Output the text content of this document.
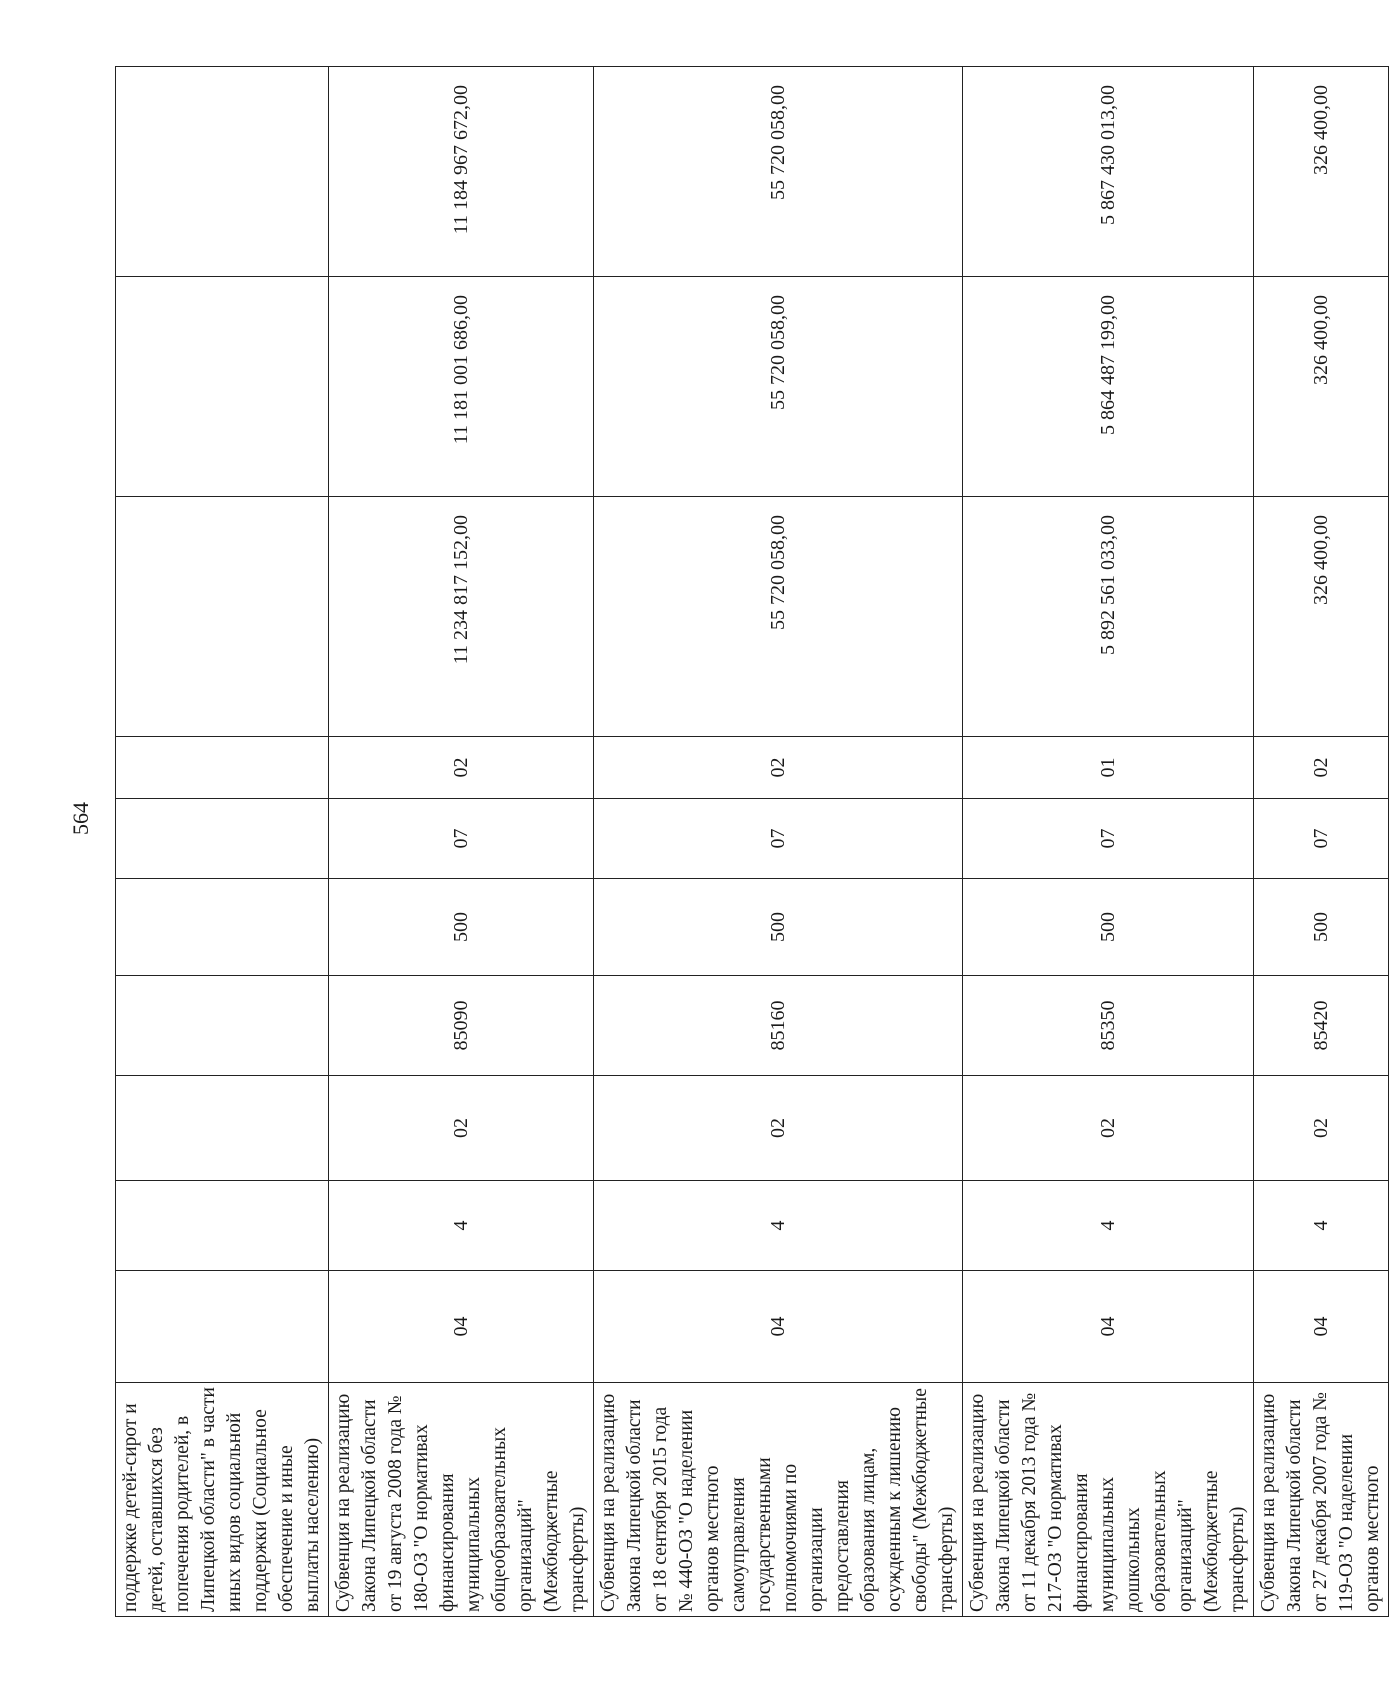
564
поддержке детей-сирот и детей, оставшихся без попечения родителей, в Липецкой области" в части иных видов социальной поддержки (Социальное обеспечение и иные выплаты населению)										
Субвенция на реализацию Закона Липецкой области от 19 августа 2008 года № 180-ОЗ "О нормативах финансирования муниципальных общеобразовательных организаций" (Межбюджетные трансферты)	04	4	02	85090	500	07	02	11 234 817 152,00	11 181 001 686,00	11 184 967 672,00
Субвенция на реализацию Закона Липецкой области от 18 сентября 2015 года № 440-ОЗ "О наделении органов местного самоуправления государственными полномочиями по организации предоставления образования лицам, осужденным к лишению свободы" (Межбюджетные трансферты)	04	4	02	85160	500	07	02	55 720 058,00	55 720 058,00	55 720 058,00
Субвенция на реализацию Закона Липецкой области от 11 декабря 2013 года № 217-ОЗ "О нормативах финансирования муниципальных дошкольных образовательных организаций" (Межбюджетные трансферты)	04	4	02	85350	500	07	01	5 892 561 033,00	5 864 487 199,00	5 867 430 013,00
Субвенция на реализацию Закона Липецкой области от 27 декабря 2007 года № 119-ОЗ "О наделении органов местного	04	4	02	85420	500	07	02	326 400,00	326 400,00	326 400,00
